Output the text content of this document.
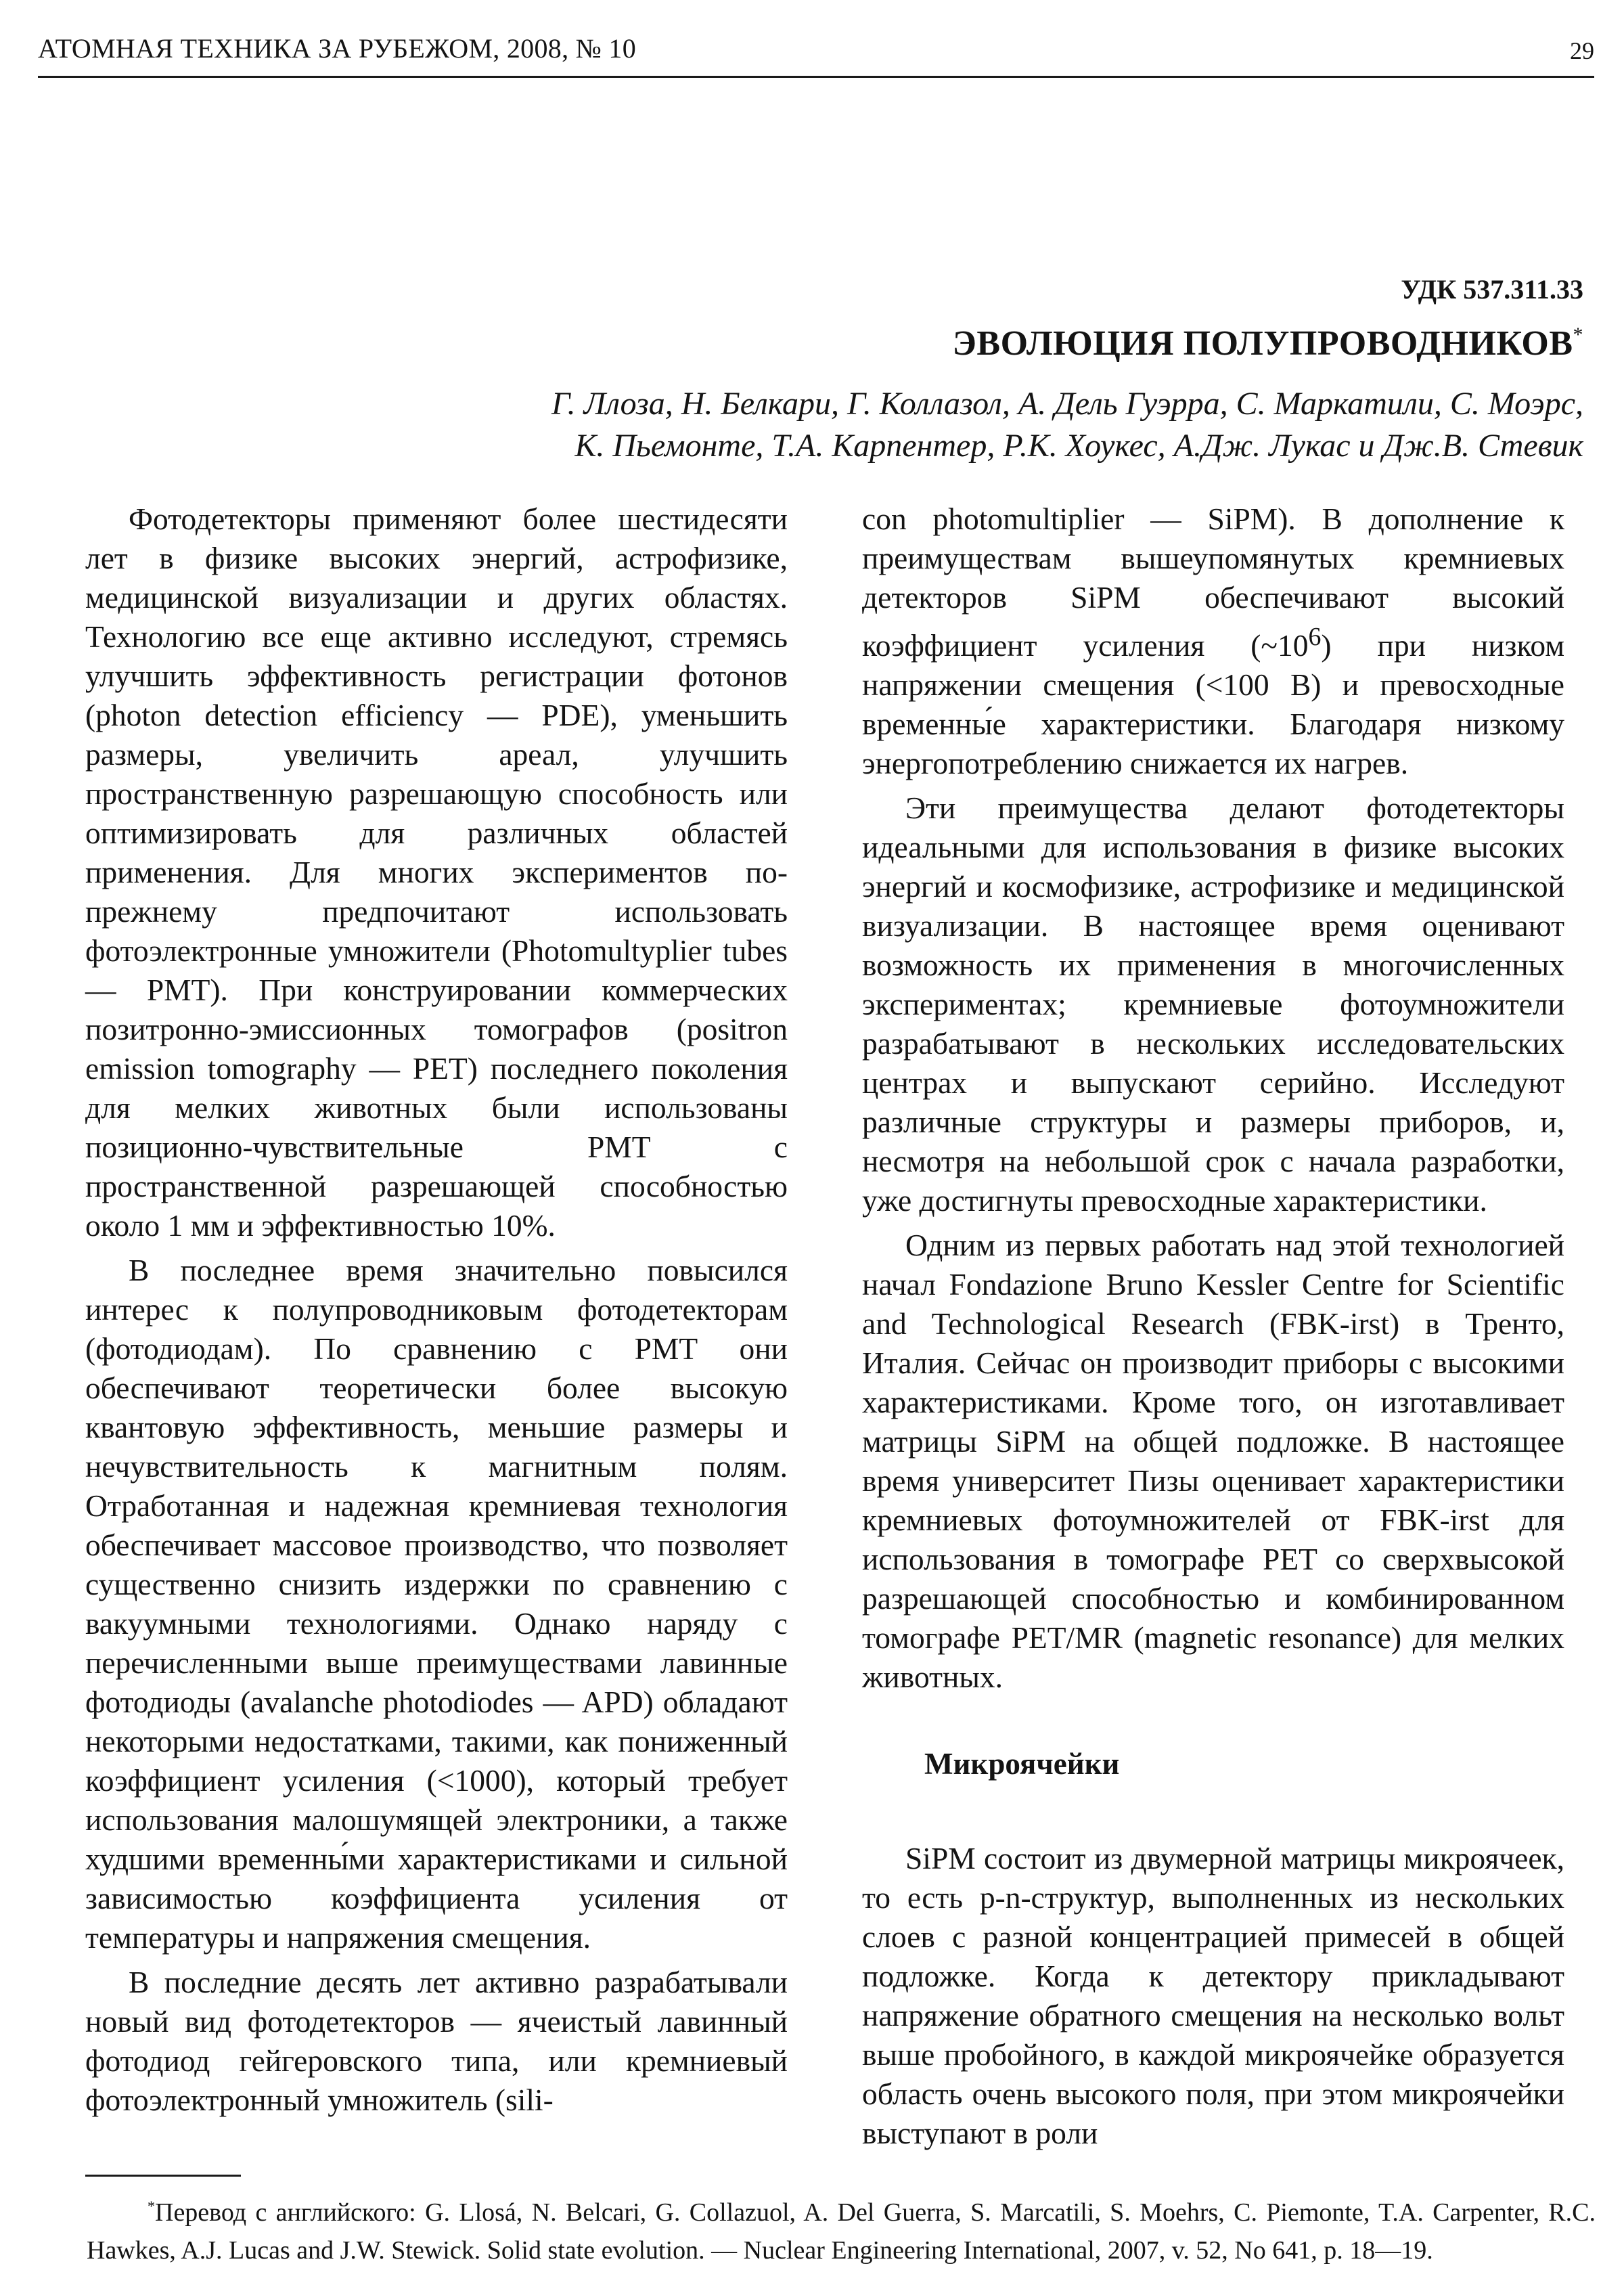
АТОМНАЯ ТЕХНИКА ЗА РУБЕЖОМ, 2008, № 10	29
УДК 537.311.33
ЭВОЛЮЦИЯ ПОЛУПРОВОДНИКОВ*
Г. Ллоза, Н. Белкари, Г. Коллазол, А. Дель Гуэрра, С. Маркатили, С. Моэрс,
К. Пьемонте, Т.А. Карпентер, Р.К. Хоукес, А.Дж. Лукас и Дж.В. Стевик

Фотодетекторы применяют более шестидесяти лет в физике высоких энергий, астрофизике, медицинской визуализации и других областях. Технологию все еще активно исследуют, стремясь улучшить эффективность регистрации фотонов (photon detection efficiency — PDE), уменьшить размеры, увеличить ареал, улучшить пространственную разрешающую способность или оптимизировать для различных областей применения. Для многих экспериментов по-прежнему предпочитают использовать фотоэлектронные умножители (Photomultyplier tubes — PMT). При конструировании коммерческих позитронно-эмиссионных томографов (positron emission tomography — PET) последнего поколения для мелких животных были использованы позиционно-чувствительные PMT с пространственной разрешающей способностью около 1 мм и эффективностью 10%.

В последнее время значительно повысился интерес к полупроводниковым фотодетекторам (фотодиодам). По сравнению с PMT они обеспечивают теоретически более высокую квантовую эффективность, меньшие размеры и нечувствительность к магнитным полям. Отработанная и надежная кремниевая технология обеспечивает массовое производство, что позволяет существенно снизить издержки по сравнению с вакуумными технологиями. Однако наряду с перечисленными выше преимуществами лавинные фотодиоды (avalanche photodiodes — APD) обладают некоторыми недостатками, такими, как пониженный коэффициент усиления (<1000), который требует использования малошумящей электроники, а также худшими временны́ми характеристиками и сильной зависимостью коэффициента усиления от температуры и напряжения смещения.

В последние десять лет активно разрабатывали новый вид фотодетекторов — ячеистый лавинный фотодиод гейгеровского типа, или кремниевый фотоэлектронный умножитель (sili-

con photomultiplier — SiPM). В дополнение к преимуществам вышеупомянутых кремниевых детекторов SiPM обеспечивают высокий коэффициент усиления $(\sim 10^6)$ при низком напряжении смещения (<100 В) и превосходные временны́е характеристики. Благодаря низкому энергопотреблению снижается их нагрев.

Эти преимущества делают фотодетекторы идеальными для использования в физике высоких энергий и космофизике, астрофизике и медицинской визуализации. В настоящее время оценивают возможность их применения в многочисленных экспериментах; кремниевые фотоумножители разрабатывают в нескольких исследовательских центрах и выпускают серийно. Исследуют различные структуры и размеры приборов, и, несмотря на небольшой срок с начала разработки, уже достигнуты превосходные характеристики.

Одним из первых работать над этой технологией начал Fondazione Bruno Kessler Centre for Scientific and Technological Research (FBK-irst) в Тренто, Италия. Сейчас он производит приборы с высокими характеристиками. Кроме того, он изготавливает матрицы SiPM на общей подложке. В настоящее время университет Пизы оценивает характеристики кремниевых фотоумножителей от FBK-irst для использования в томографе PET со сверхвысокой разрешающей способностью и комбинированном томографе PET/MR (magnetic resonance) для мелких животных.

Микроячейки

SiPM состоит из двумерной матрицы микроячеек, то есть p-n-структур, выполненных из нескольких слоев с разной концентрацией примесей в общей подложке. Когда к детектору прикладывают напряжение обратного смещения на несколько вольт выше пробойного, в каждой микроячейке образуется область очень высокого поля, при этом микроячейки выступают в роли

*Перевод с английского: G. Llosá, N. Belcari, G. Collazuol, A. Del Guerra, S. Marcatili, S. Moehrs, C. Piemonte, T.A. Carpenter, R.C. Hawkes, A.J. Lucas and J.W. Stewick. Solid state evolution. — Nuclear Engineering International, 2007, v. 52, No 641, p. 18—19.
